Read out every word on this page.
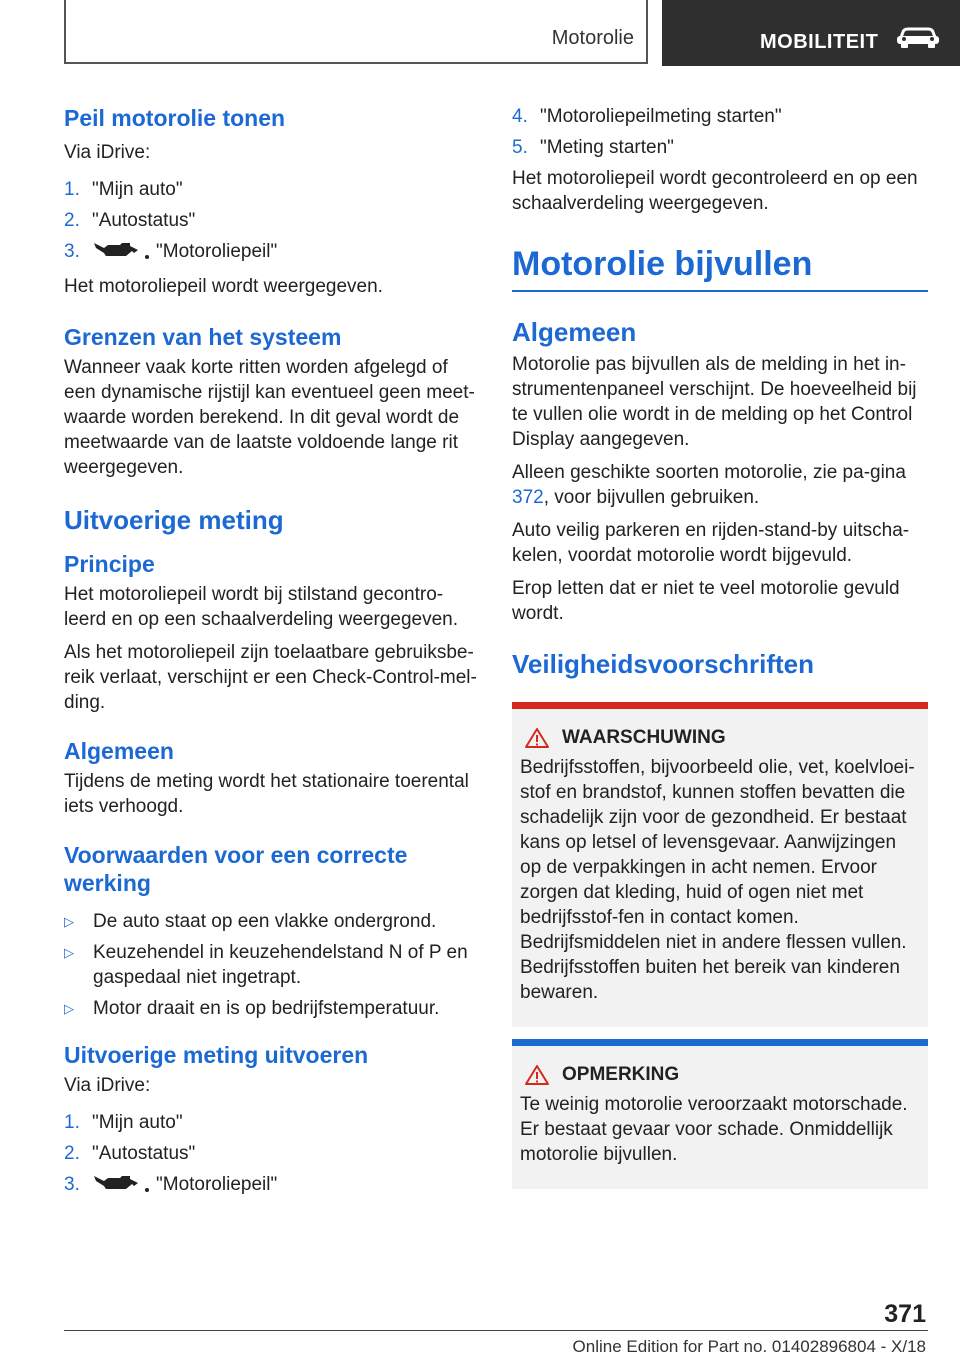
Motorolie	MOBILITEIT
Peil motorolie tonen

Via iDrive:

1. "Mijn auto"
2. "Autostatus"
3.	"Motoroliepeil"

Het motoroliepeil wordt weergegeven.

Grenzen van het systeem

Wanneer vaak korte ritten worden afgelegd of een dynamische rijstijl kan eventueel geen meet-waarde worden berekend. In dit geval wordt de meetwaarde van de laatste voldoende lange rit weergegeven.

Uitvoerige meting
Principe

Het motoroliepeil wordt bij stilstand gecontro-leerd en op een schaalverdeling weergegeven.

Als het motoroliepeil zijn toelaatbare gebruiksbe-reik verlaat, verschijnt er een Check-Control-mel-ding.

Algemeen

Tijdens de meting wordt het stationaire toerental iets verhoogd.

Voorwaarden voor een correcte werking
▷	De auto staat op een vlakke ondergrond.
▷	Keuzehendel in keuzehendelstand N of P en gaspedaal niet ingetrapt.
▷	Motor draait en is op bedrijfstemperatuur.
Uitvoerige meting uitvoeren

Via iDrive:

1. "Mijn auto"
2. "Autostatus"
3.	"Motoroliepeil"
4. "Motoroliepeilmeting starten"
5. "Meting starten"

Het motoroliepeil wordt gecontroleerd en op een schaalverdeling weergegeven.

Motorolie bijvullen
Algemeen

Motorolie pas bijvullen als de melding in het in-strumentenpaneel verschijnt. De hoeveelheid bij te vullen olie wordt in de melding op het Control Display aangegeven.

Alleen geschikte soorten motorolie, zie pa-gina 372, voor bijvullen gebruiken.

Auto veilig parkeren en rijden-stand-by uitscha-kelen, voordat motorolie wordt bijgevuld.

Erop letten dat er niet te veel motorolie gevuld wordt.

Veiligheidsvoorschriften
WAARSCHUWING

Bedrijfsstoffen, bijvoorbeeld olie, vet, koelvloei-stof en brandstof, kunnen stoffen bevatten die schadelijk zijn voor de gezondheid. Er bestaat kans op letsel of levensgevaar. Aanwijzingen op de verpakkingen in acht nemen. Ervoor zorgen dat kleding, huid of ogen niet met bedrijfsstof-fen in contact komen. Bedrijfsmiddelen niet in andere flessen vullen. Bedrijfsstoffen buiten het bereik van kinderen bewaren.

OPMERKING

Te weinig motorolie veroorzaakt motorschade. Er bestaat gevaar voor schade. Onmiddellijk motorolie bijvullen.

371
Online Edition for Part no. 01402896804 - X/18
